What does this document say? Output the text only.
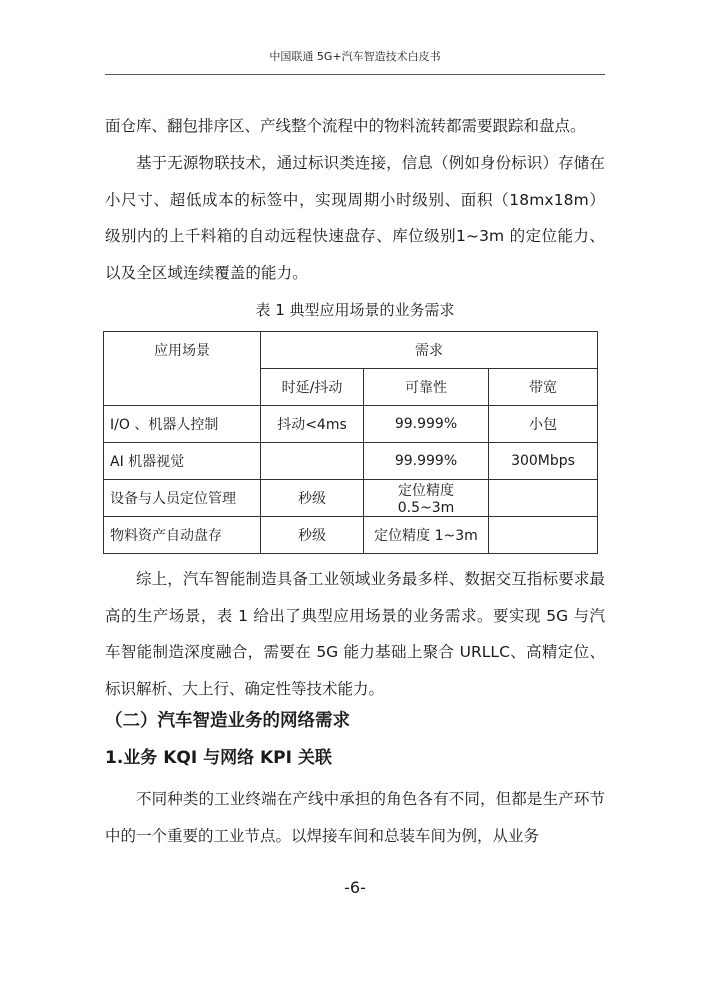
中国联通 5G+汽车智造技术白皮书

面仓库、翻包排序区、产线整个流程中的物料流转都需要跟踪和盘点。

基于无源物联技术，通过标识类连接，信息（例如身份标识）存储在小尺寸、超低成本的标签中，实现周期小时级别、面积（18mx18m）级别内的上千料箱的自动远程快速盘存、库位级别1~3m 的定位能力、以及全区域连续覆盖的能力。

表 1 典型应用场景的业务需求
应用场景	需求		
	时延/抖动	可靠性	带宽
I/O 、机器人控制	抖动<4ms	99.999%	小包
AI 机器视觉		99.999%	300Mbps
设备与人员定位管理	秒级	定位精度 0.5~3m	
物料资产自动盘存	秒级	定位精度 1~3m	

综上，汽车智能制造具备工业领域业务最多样、数据交互指标要求最高的生产场景，表 1 给出了典型应用场景的业务需求。要实现 5G 与汽车智能制造深度融合，需要在 5G 能力基础上聚合 URLLC、高精定位、标识解析、大上行、确定性等技术能力。

（二）汽车智造业务的网络需求
1.业务 KQI 与网络 KPI 关联

不同种类的工业终端在产线中承担的角色各有不同，但都是生产环节中的一个重要的工业节点。以焊接车间和总装车间为例，从业务

-6-
